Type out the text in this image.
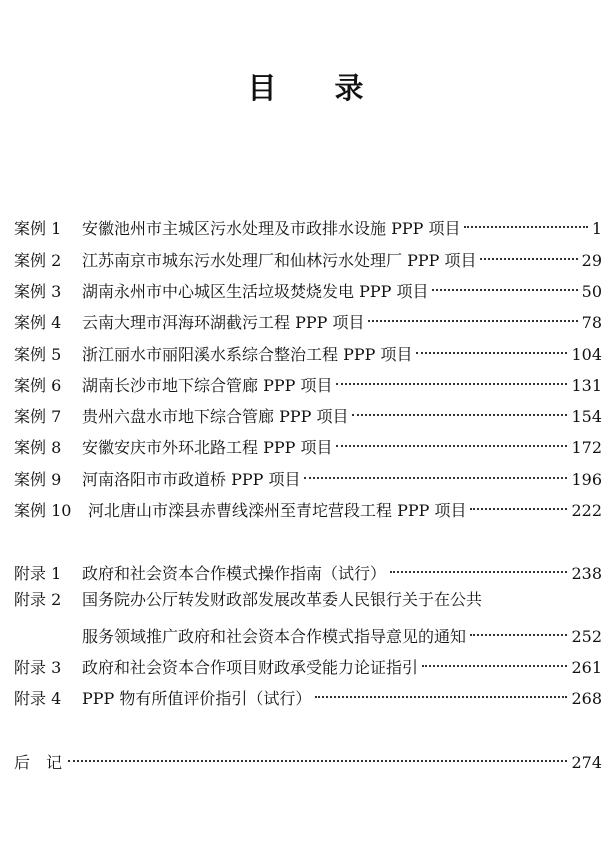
目 录
案例 1	安徽池州市主城区污水处理及市政排水设施 PPP 项目	1
案例 2	江苏南京市城东污水处理厂和仙林污水处理厂 PPP 项目	29
案例 3	湖南永州市中心城区生活垃圾焚烧发电 PPP 项目	50
案例 4	云南大理市洱海环湖截污工程 PPP 项目	78
案例 5	浙江丽水市丽阳溪水系综合整治工程 PPP 项目	104
案例 6	湖南长沙市地下综合管廊 PPP 项目	131
案例 7	贵州六盘水市地下综合管廊 PPP 项目	154
案例 8	安徽安庆市外环北路工程 PPP 项目	172
案例 9	河南洛阳市市政道桥 PPP 项目	196
案例 10	河北唐山市滦县赤曹线滦州至青坨营段工程 PPP 项目	222
附录 1	政府和社会资本合作模式操作指南（试行）	238
附录 2	国务院办公厅转发财政部发展改革委人民银行关于在公共
服务领域推广政府和社会资本合作模式指导意见的通知	252
附录 3	政府和社会资本合作项目财政承受能力论证指引	261
附录 4	PPP 物有所值评价指引（试行）	268
后　记	274
